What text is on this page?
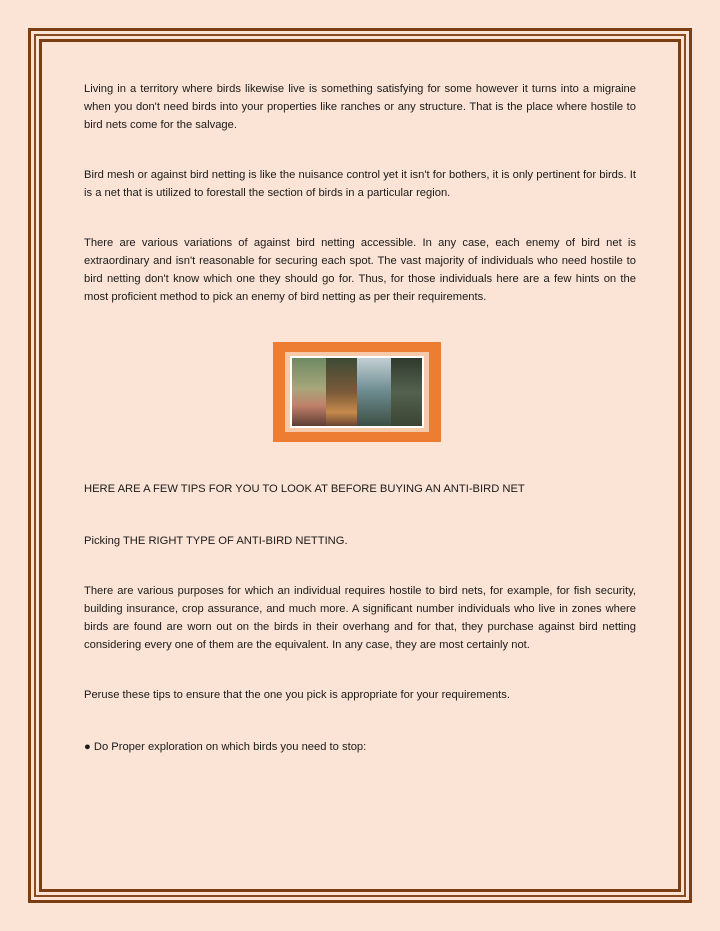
Living in a territory where birds likewise live is something satisfying for some however it turns into a migraine when you don't need birds into your properties like ranches or any structure. That is the place where hostile to bird nets come for the salvage.

Bird mesh or against bird netting is like the nuisance control yet it isn't for bothers, it is only pertinent for birds. It is a net that is utilized to forestall the section of birds in a particular region.

There are various variations of against bird netting accessible. In any case, each enemy of bird net is extraordinary and isn't reasonable for securing each spot. The vast majority of individuals who need hostile to bird netting don't know which one they should go for. Thus, for those individuals here are a few hints on the most proficient method to pick an enemy of bird netting as per their requirements.

HERE ARE A FEW TIPS FOR YOU TO LOOK AT BEFORE BUYING AN ANTI-BIRD NET

Picking THE RIGHT TYPE OF ANTI-BIRD NETTING.

There are various purposes for which an individual requires hostile to bird nets, for example, for fish security, building insurance, crop assurance, and much more. A significant number individuals who live in zones where birds are found are worn out on the birds in their overhang and for that, they purchase against bird netting considering every one of them are the equivalent. In any case, they are most certainly not.

Peruse these tips to ensure that the one you pick is appropriate for your requirements.

● Do Proper exploration on which birds you need to stop:
